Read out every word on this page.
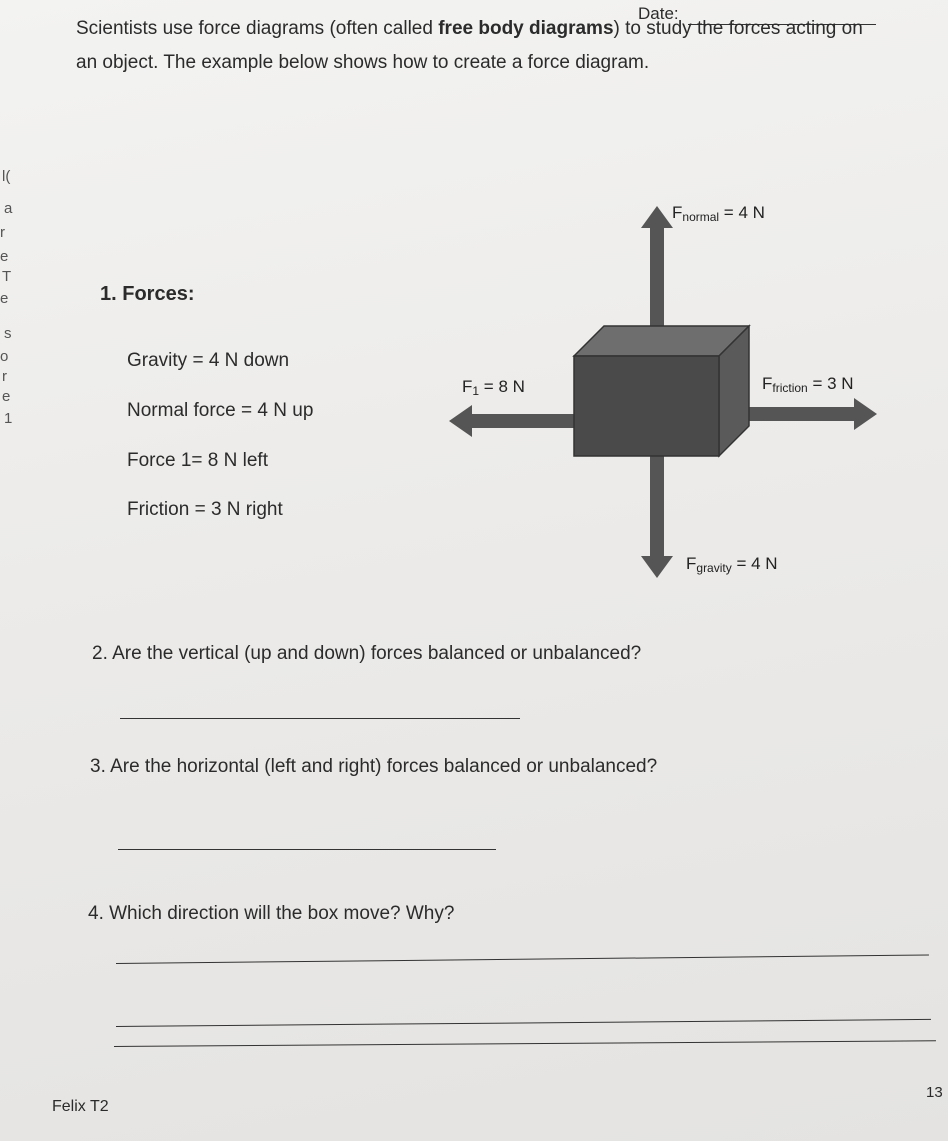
l(
a
r
e
T
e
s
o
r
e
1
Date:
Scientists use force diagrams (often called free body diagrams) to study the forces acting on an object. The example below shows how to create a force diagram.
1. Forces:
Gravity = 4 N down
Normal force = 4 N up
Force 1= 8 N left
Friction = 3 N right
Fnormal = 4 N
F1 = 8 N	Ffriction = 3 N
Fgravity = 4 N
2. Are the vertical (up and down) forces balanced or unbalanced?
3. Are the horizontal (left and right) forces balanced or unbalanced?
4. Which direction will the box move? Why?
Felix T2
13
